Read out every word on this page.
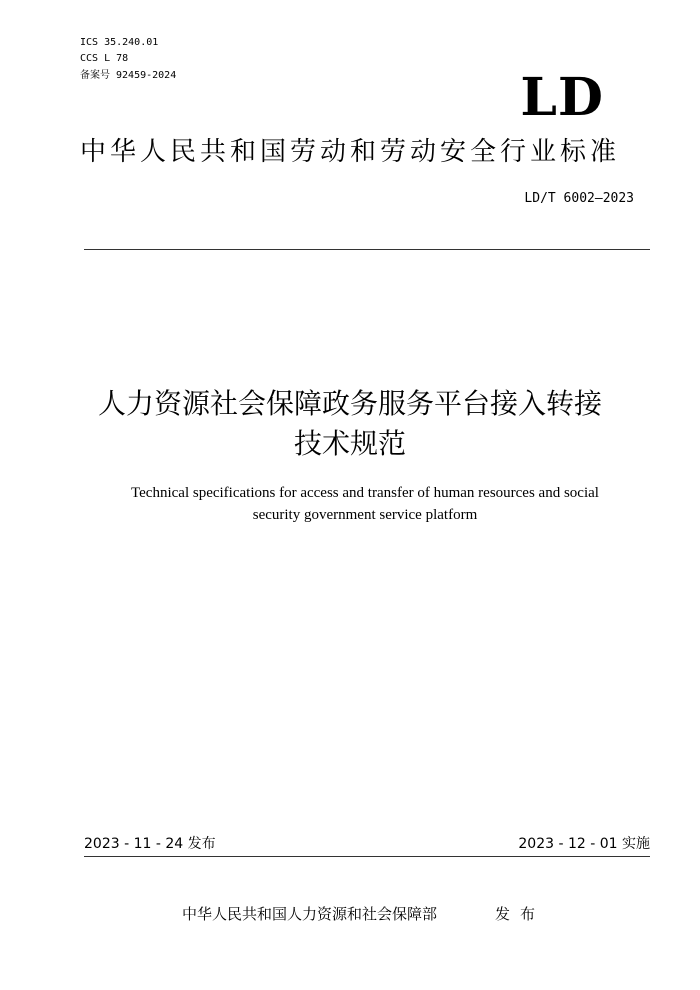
ICS 35.240.01
CCS L 78
备案号 92459-2024	LD
中华人民共和国劳动和劳动安全行业标准
LD/T 6002—2023
人力资源社会保障政务服务平台接入转接
技术规范
Technical specifications for access and transfer of human resources and social
security government service platform
2023 - 11 - 24 发布	2023 - 12 - 01 实施
中华人民共和国人力资源和社会保障部	发布
